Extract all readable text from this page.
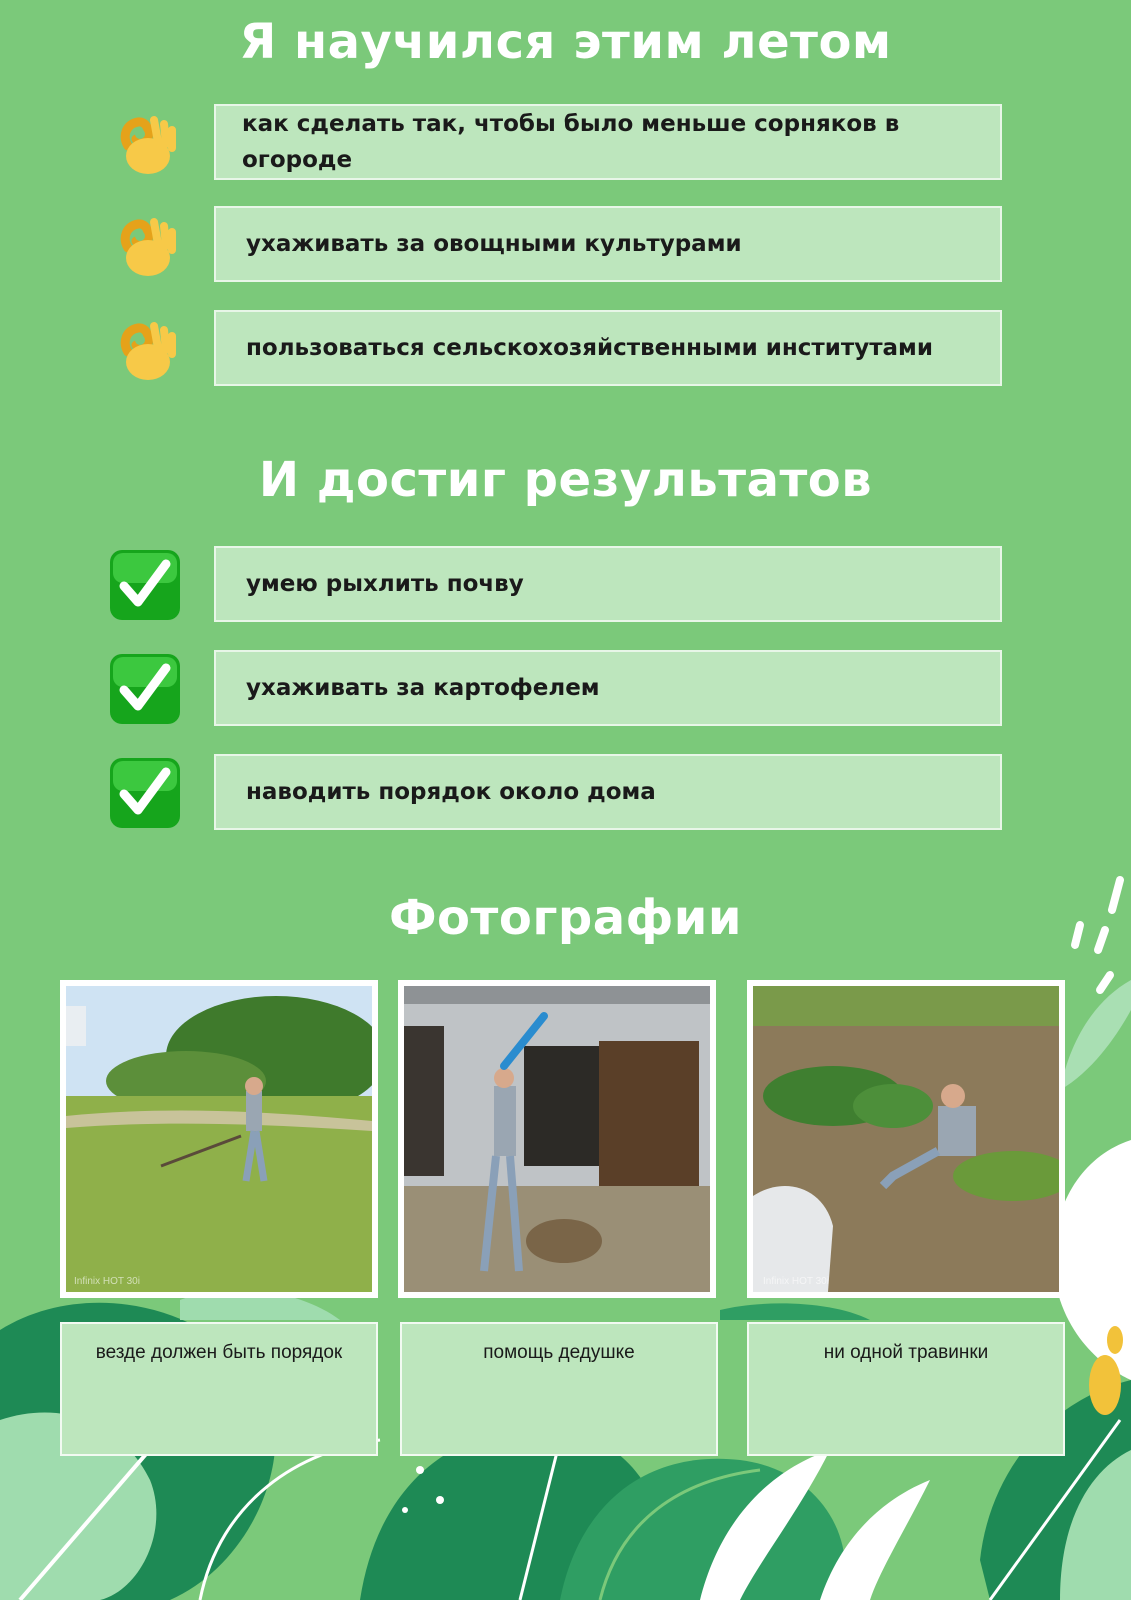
Я научился этим летом
как сделать так, чтобы было меньше сорняков в огороде
ухаживать за овощными культурами
пользоваться сельскохозяйственными институтами
И достиг результатов
умею рыхлить почву
ухаживать за картофелем
наводить порядок около дома
Фотографии
Infinix HOT 30i	Infinix HOT 30i
везде должен быть порядок	помощь дедушке	ни одной травинки
